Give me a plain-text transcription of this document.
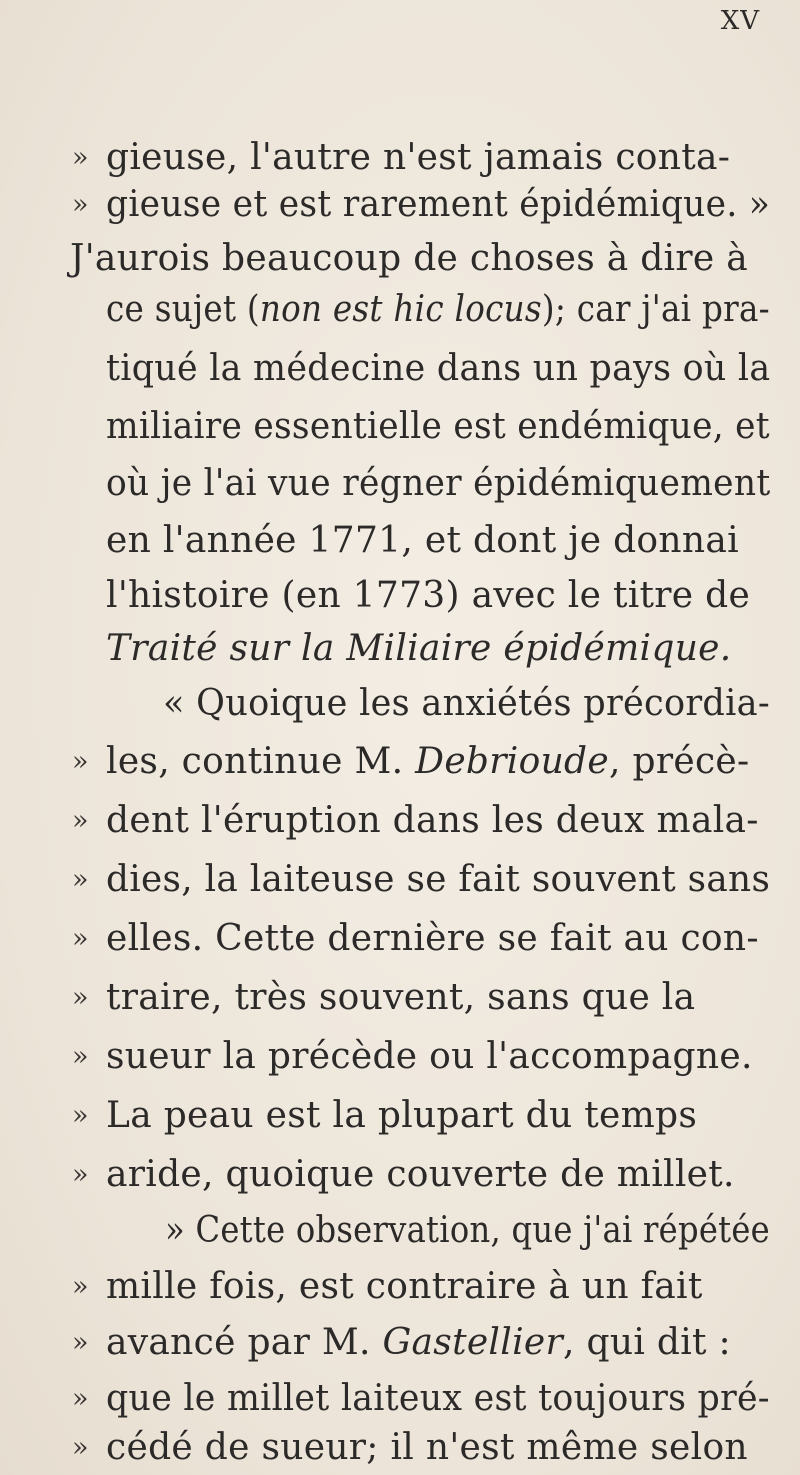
XV
» gieuse, l'autre n'est jamais conta-
» gieuse et est rarement épidémique. »
J'aurois beaucoup de choses à dire à
ce sujet (non est hic locus); car j'ai pra-
tiqué la médecine dans un pays où la
miliaire essentielle est endémique, et
où je l'ai vue régner épidémiquement
en l'année 1771, et dont je donnai
l'histoire (en 1773) avec le titre de
Traité sur la Miliaire épidémique.
« Quoique les anxiétés précordia-
» les, continue M. Debrioude, précè-
» dent l'éruption dans les deux mala-
» dies, la laiteuse se fait souvent sans
» elles. Cette dernière se fait au con-
» traire, très souvent, sans que la
» sueur la précède ou l'accompagne.
» La peau est la plupart du temps
» aride, quoique couverte de millet.
» Cette observation, que j'ai répétée
» mille fois, est contraire à un fait
» avancé par M. Gastellier, qui dit :
» que le millet laiteux est toujours pré-
» cédé de sueur; il n'est même selon
